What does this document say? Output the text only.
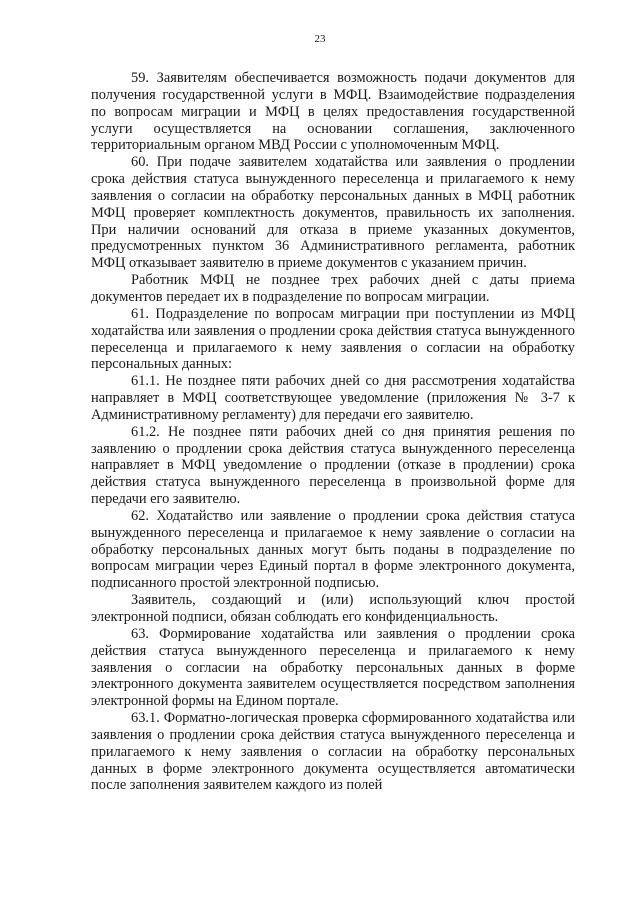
23

59. Заявителям обеспечивается возможность подачи документов для получения государственной услуги в МФЦ. Взаимодействие подразделения по вопросам миграции и МФЦ в целях предоставления государственной услуги осуществляется на основании соглашения, заключенного территориальным органом МВД России с уполномоченным МФЦ.

60. При подаче заявителем ходатайства или заявления о продлении срока действия статуса вынужденного переселенца и прилагаемого к нему заявления о согласии на обработку персональных данных в МФЦ работник МФЦ проверяет комплектность документов, правильность их заполнения. При наличии оснований для отказа в приеме указанных документов, предусмотренных пунктом 36 Административного регламента, работник МФЦ отказывает заявителю в приеме документов с указанием причин.

Работник МФЦ не позднее трех рабочих дней с даты приема документов передает их в подразделение по вопросам миграции.

61. Подразделение по вопросам миграции при поступлении из МФЦ ходатайства или заявления о продлении срока действия статуса вынужденного переселенца и прилагаемого к нему заявления о согласии на обработку персональных данных:

61.1. Не позднее пяти рабочих дней со дня рассмотрения ходатайства направляет в МФЦ соответствующее уведомление (приложения № 3-7 к Административному регламенту) для передачи его заявителю.

61.2. Не позднее пяти рабочих дней со дня принятия решения по заявлению о продлении срока действия статуса вынужденного переселенца направляет в МФЦ уведомление о продлении (отказе в продлении) срока действия статуса вынужденного переселенца в произвольной форме для передачи его заявителю.

62. Ходатайство или заявление о продлении срока действия статуса вынужденного переселенца и прилагаемое к нему заявление о согласии на обработку персональных данных могут быть поданы в подразделение по вопросам миграции через Единый портал в форме электронного документа, подписанного простой электронной подписью.

Заявитель, создающий и (или) использующий ключ простой электронной подписи, обязан соблюдать его конфиденциальность.

63. Формирование ходатайства или заявления о продлении срока действия статуса вынужденного переселенца и прилагаемого к нему заявления о согласии на обработку персональных данных в форме электронного документа заявителем осуществляется посредством заполнения электронной формы на Едином портале.

63.1. Форматно-логическая проверка сформированного ходатайства или заявления о продлении срока действия статуса вынужденного переселенца и прилагаемого к нему заявления о согласии на обработку персональных данных в форме электронного документа осуществляется автоматически после заполнения заявителем каждого из полей
